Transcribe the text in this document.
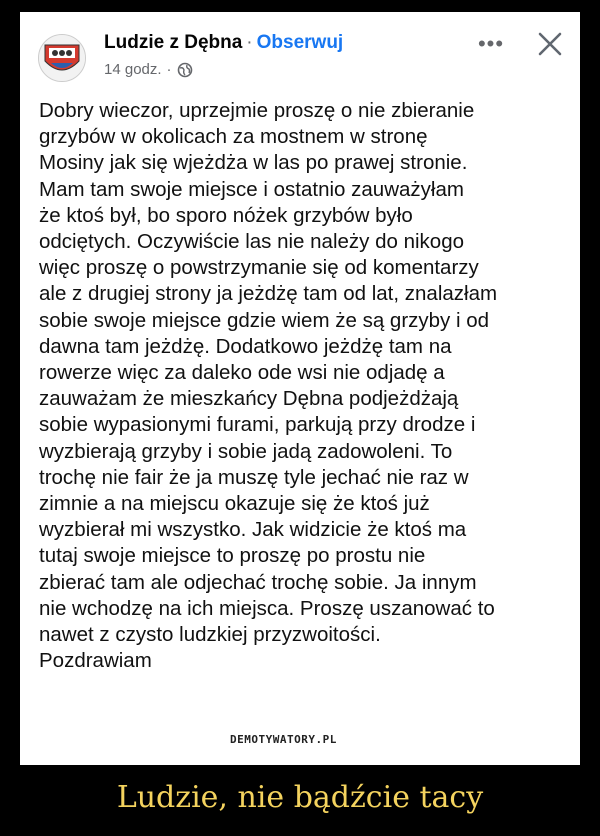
Ludzie z Dębna · Obserwuj
14 godz. ·
•••
Dobry wieczor, uprzejmie proszę o nie zbieranie
grzybów w okolicach za mostnem w stronę
Mosiny jak się wjeżdża w las po prawej stronie.
Mam tam swoje miejsce i ostatnio zauważyłam
że ktoś był, bo sporo nóżek grzybów było
odciętych. Oczywiście las nie należy do nikogo
więc proszę o powstrzymanie się od komentarzy
ale z drugiej strony ja jeżdżę tam od lat, znalazłam
sobie swoje miejsce gdzie wiem że są grzyby i od
dawna tam jeżdżę. Dodatkowo jeżdżę tam na
rowerze więc za daleko ode wsi nie odjadę a
zauważam że mieszkańcy Dębna podjeżdżają
sobie wypasionymi furami, parkują przy drodze i
wyzbierają grzyby i sobie jadą zadowoleni. To
trochę nie fair że ja muszę tyle jechać nie raz w
zimnie a na miejscu okazuje się że ktoś już
wyzbierał mi wszystko. Jak widzicie że ktoś ma
tutaj swoje miejsce to proszę po prostu nie
zbierać tam ale odjechać trochę sobie. Ja innym
nie wchodzę na ich miejsca. Proszę uszanować to
nawet z czysto ludzkiej przyzwoitości.
Pozdrawiam
DEMOTYWATORY.PL
Ludzie, nie bądźcie tacy
